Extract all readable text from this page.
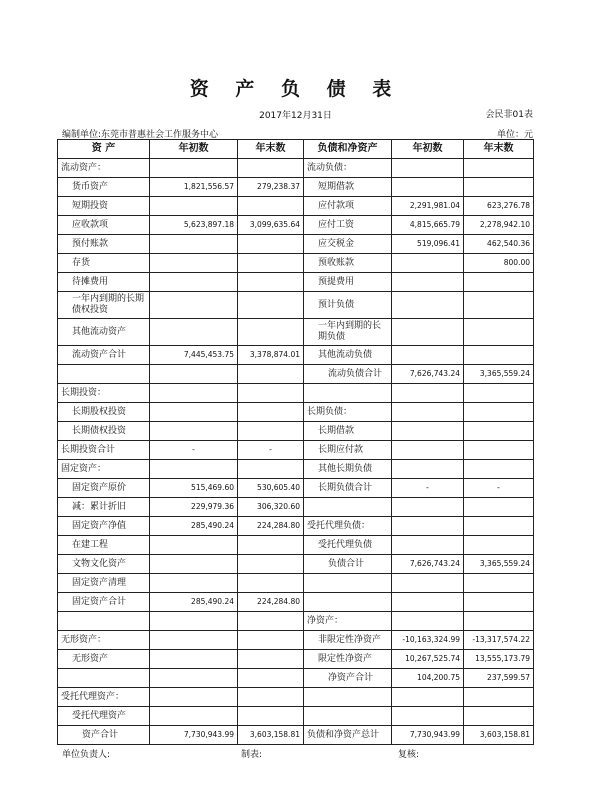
资 产 负 债 表
2017年12月31日	会民非01表
编制单位:东莞市普惠社会工作服务中心	单位：元
资 产	年初数	年末数	负债和净资产	年初数	年末数
流动资产：			流动负债：		
货币资产	1,821,556.57	279,238.37	短期借款		
短期投资			应付款项	2,291,981.04	623,276.78
应收款项	5,623,897.18	3,099,635.64	应付工资	4,815,665.79	2,278,942.10
预付账款			应交税金	519,096.41	462,540.36
存货			预收账款		800.00
待摊费用			预提费用		
一年内到期的长期债权投资			预计负债		
其他流动资产			一年内到期的长期负债		
流动资产合计	7,445,453.75	3,378,874.01	其他流动负债		
			流动负债合计	7,626,743.24	3,365,559.24
长期投资：					
长期股权投资			长期负债：		
长期债权投资			长期借款		
长期投资合计	-	-	长期应付款		
固定资产：			其他长期负债		
固定资产原价	515,469.60	530,605.40	长期负债合计	-	-
减：累计折旧	229,979.36	306,320.60			
固定资产净值	285,490.24	224,284.80	受托代理负债：		
在建工程			受托代理负债		
文物文化资产			负债合计	7,626,743.24	3,365,559.24
固定资产清理					
固定资产合计	285,490.24	224,284.80			
			净资产：		
无形资产：			非限定性净资产	-10,163,324.99	-13,317,574.22
无形资产			限定性净资产	10,267,525.74	13,555,173.79
			净资产合计	104,200.75	237,599.57
受托代理资产：					
受托代理资产					
资产合计	7,730,943.99	3,603,158.81	负债和净资产总计	7,730,943.99	3,603,158.81
单位负责人:	制表:	复核:
